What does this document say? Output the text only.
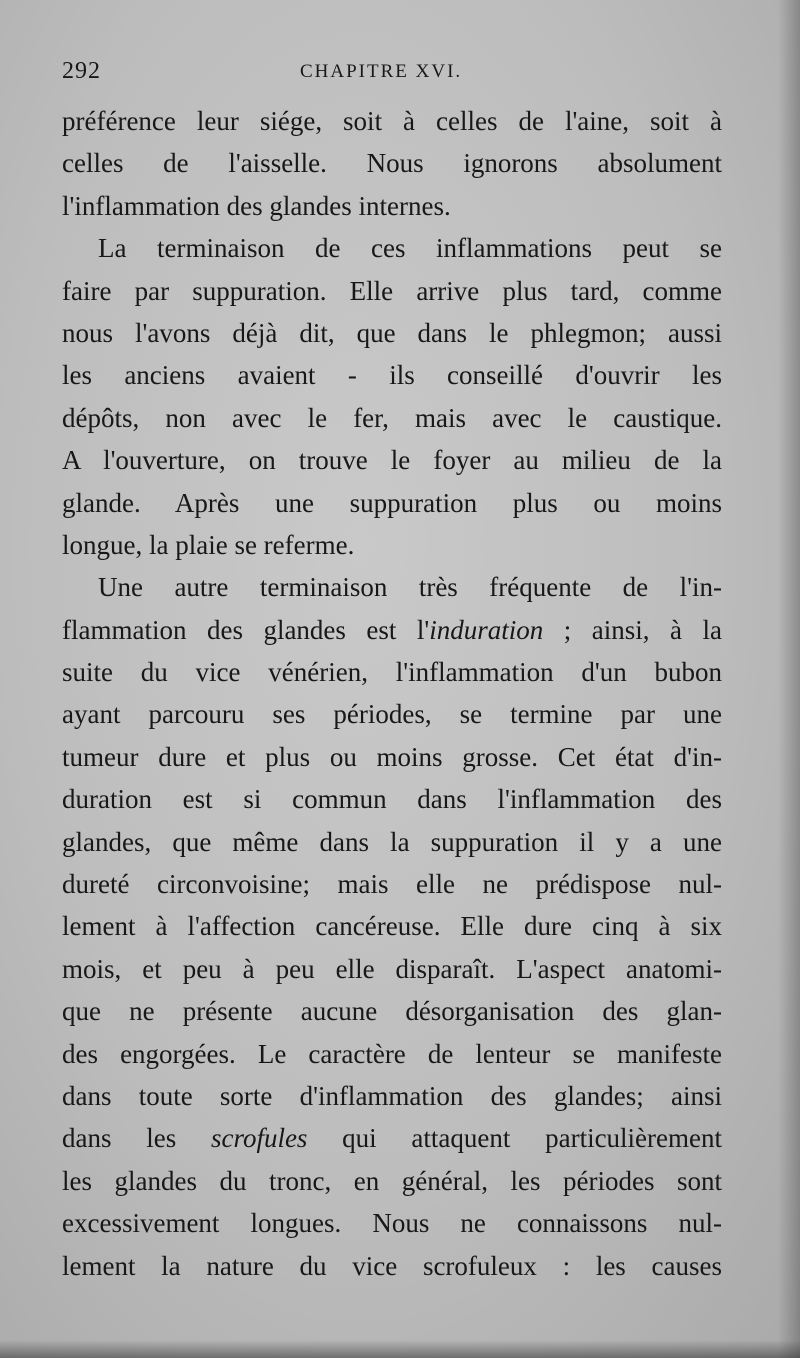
292	CHAPITRE XVI.
préférence leur siége, soit à celles de l'aine, soit à
celles de l'aisselle. Nous ignorons absolument
l'inflammation des glandes internes.
La terminaison de ces inflammations peut se
faire par suppuration. Elle arrive plus tard, comme
nous l'avons déjà dit, que dans le phlegmon; aussi
les anciens avaient - ils conseillé d'ouvrir les
dépôts, non avec le fer, mais avec le caustique.
A l'ouverture, on trouve le foyer au milieu de la
glande. Après une suppuration plus ou moins
longue, la plaie se referme.
Une autre terminaison très fréquente de l'in-
flammation des glandes est l'induration ; ainsi, à la
suite du vice vénérien, l'inflammation d'un bubon
ayant parcouru ses périodes, se termine par une
tumeur dure et plus ou moins grosse. Cet état d'in-
duration est si commun dans l'inflammation des
glandes, que même dans la suppuration il y a une
dureté circonvoisine; mais elle ne prédispose nul-
lement à l'affection cancéreuse. Elle dure cinq à six
mois, et peu à peu elle disparaît. L'aspect anatomi-
que ne présente aucune désorganisation des glan-
des engorgées. Le caractère de lenteur se manifeste
dans toute sorte d'inflammation des glandes; ainsi
dans les scrofules qui attaquent particulièrement
les glandes du tronc, en général, les périodes sont
excessivement longues. Nous ne connaissons nul-
lement la nature du vice scrofuleux : les causes
